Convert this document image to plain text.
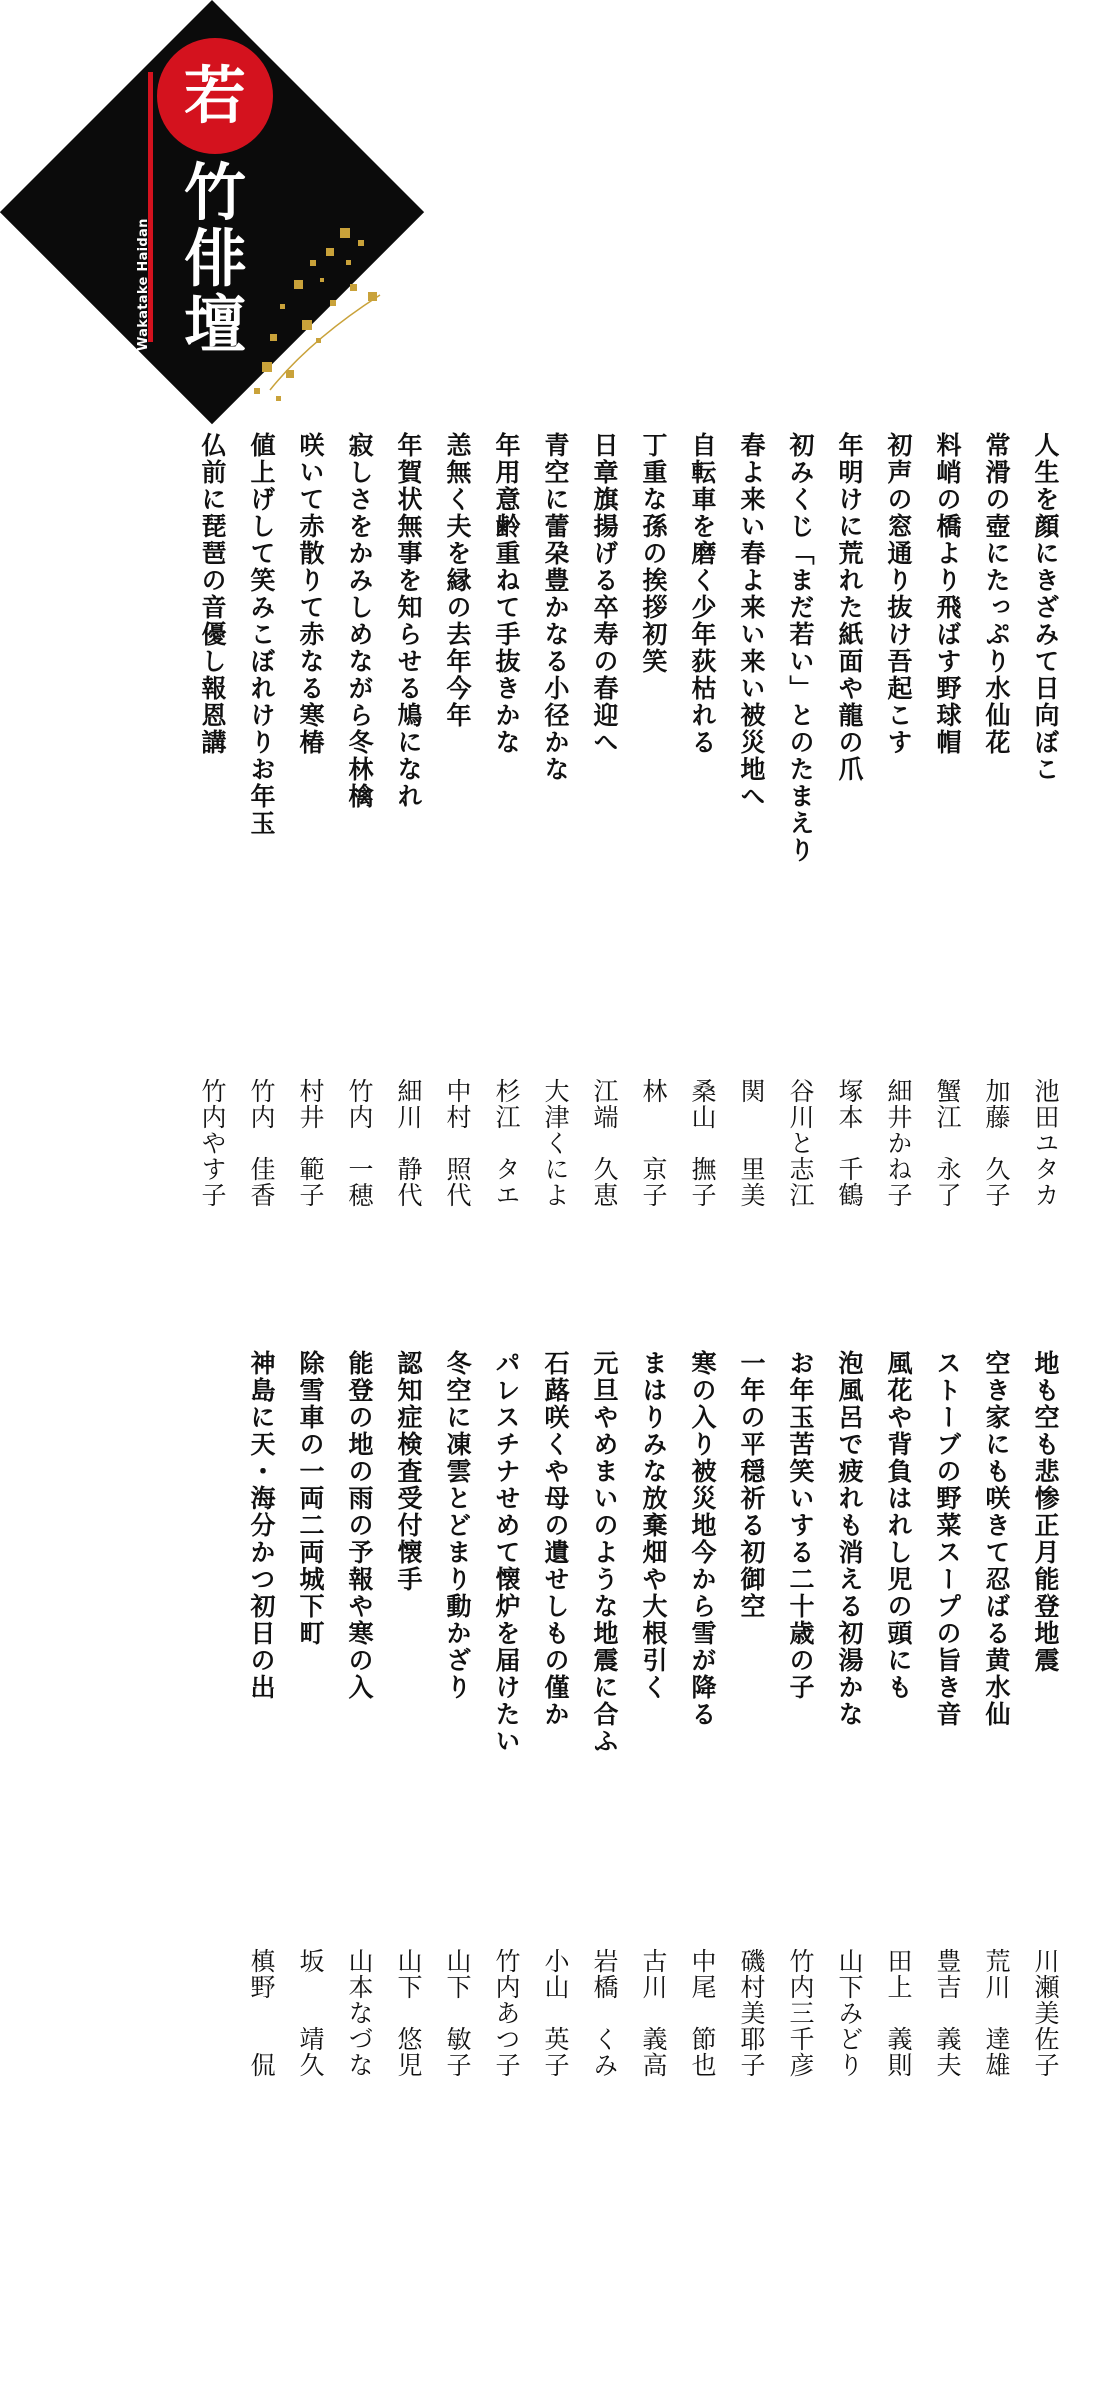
若
竹
俳
壇
Wakatake Haidan
人生を顔にきざみて日向ぼこ
常滑の壺にたっぷり水仙花
料峭の橋より飛ばす野球帽
初声の窓通り抜け吾起こす
年明けに荒れた紙面や龍の爪
初みくじ「まだ若い」とのたまえり
春よ来い春よ来い来い被災地へ
自転車を磨く少年荻枯れる
丁重な孫の挨拶初笑
日章旗揚げる卒寿の春迎へ
青空に蕾朶豊かなる小径かな
年用意齢重ねて手抜きかな
恙無く夫を縁の去年今年
年賀状無事を知らせる鳩になれ
寂しさをかみしめながら冬林檎
咲いて赤散りて赤なる寒椿
値上げして笑みこぼれけりお年玉
仏前に琵琶の音優し報恩講
池田ユタカ
加藤　久子
蟹江　永了
細井かね子
塚本　千鶴
谷川と志江
関　　里美
桑山　撫子
林　　京子
江端　久恵
大津くによ
杉江　タエ
中村　照代
細川　静代
竹内　一穂
村井　範子
竹内　佳香
竹内やす子
地も空も悲惨正月能登地震
空き家にも咲きて忍ばる黄水仙
ストーブの野菜スープの旨き音
風花や背負はれし児の頭にも
泡風呂で疲れも消える初湯かな
お年玉苦笑いする二十歳の子
一年の平穏祈る初御空
寒の入り被災地今から雪が降る
まはりみな放棄畑や大根引く
元旦やめまいのような地震に合ふ
石蕗咲くや母の遺せしもの僅か
パレスチナせめて懐炉を届けたい
冬空に凍雲とどまり動かざり
認知症検査受付懐手
能登の地の雨の予報や寒の入
除雪車の一両二両城下町
神島に天・海分かつ初日の出
川瀬美佐子
荒川　達雄
豊吉　義夫
田上　義則
山下みどり
竹内三千彦
磯村美耶子
中尾　節也
古川　義高
岩橋　くみ
小山　英子
竹内あつ子
山下　敏子
山下　悠児
山本なづな
坂　　靖久
槙野　　侃
